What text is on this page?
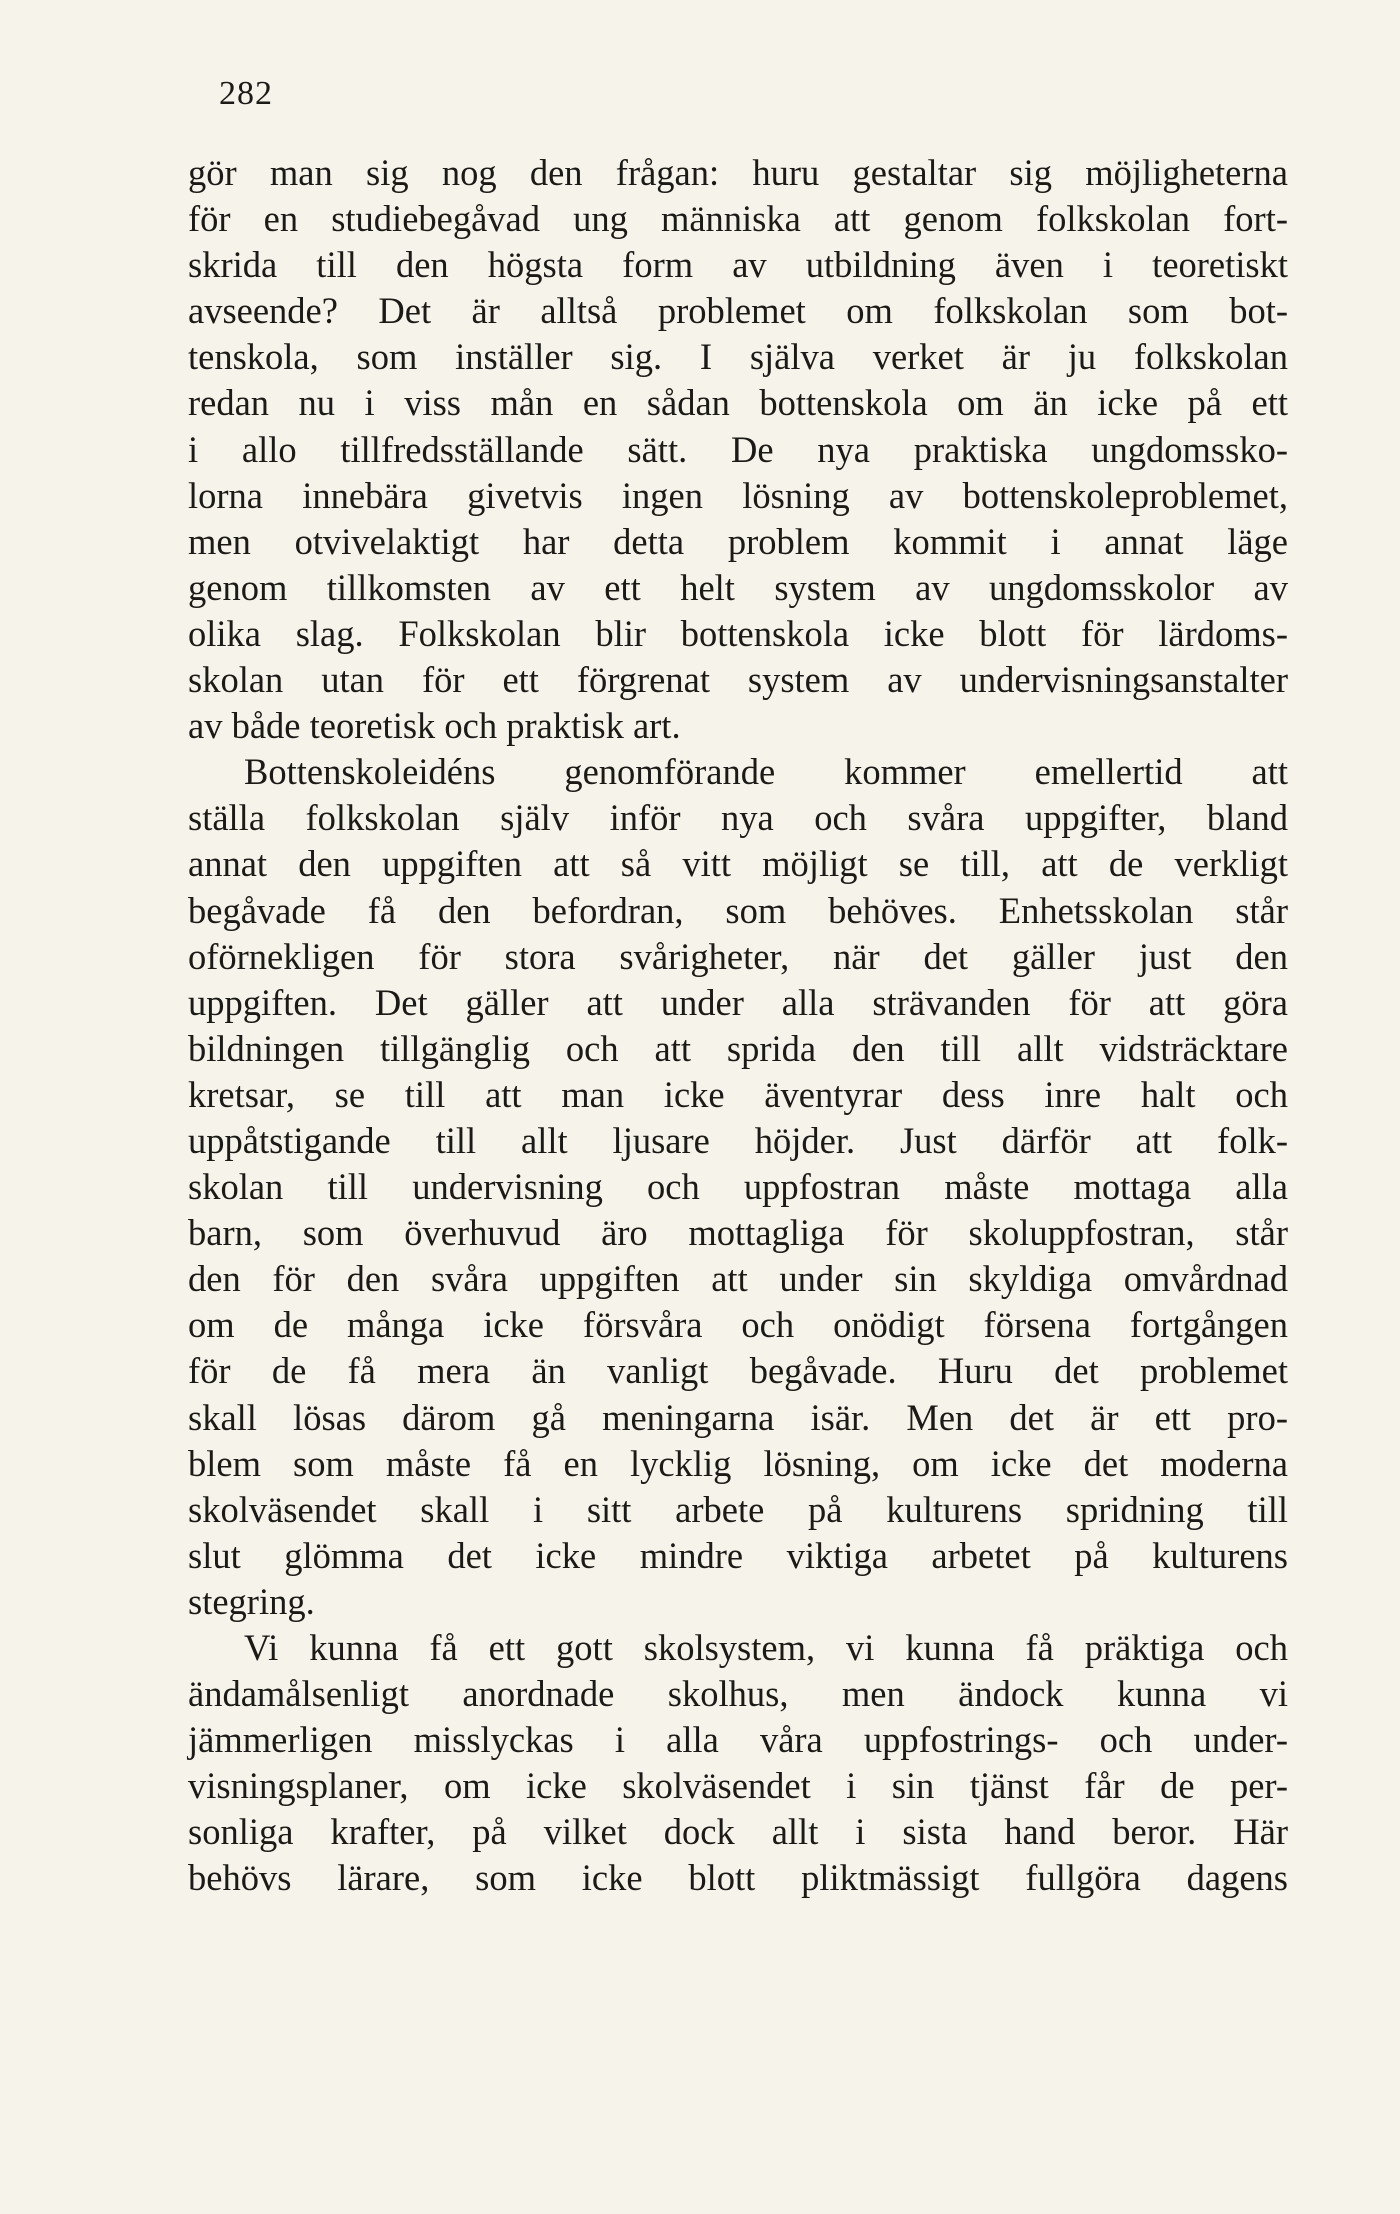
282
gör man sig nog den frågan: huru gestaltar sig möjligheterna
för en studiebegåvad ung människa att genom folkskolan fort-
skrida till den högsta form av utbildning även i teoretiskt
avseende? Det är alltså problemet om folkskolan som bot-
tenskola, som inställer sig. I själva verket är ju folkskolan
redan nu i viss mån en sådan bottenskola om än icke på ett
i allo tillfredsställande sätt. De nya praktiska ungdomssko-
lorna innebära givetvis ingen lösning av bottenskoleproblemet,
men otvivelaktigt har detta problem kommit i annat läge
genom tillkomsten av ett helt system av ungdomsskolor av
olika slag. Folkskolan blir bottenskola icke blott för lärdoms-
skolan utan för ett förgrenat system av undervisningsanstalter
av både teoretisk och praktisk art.
Bottenskoleidéns genomförande kommer emellertid att
ställa folkskolan själv inför nya och svåra uppgifter, bland
annat den uppgiften att så vitt möjligt se till, att de verkligt
begåvade få den befordran, som behöves. Enhetsskolan står
oförnekligen för stora svårigheter, när det gäller just den
uppgiften. Det gäller att under alla strävanden för att göra
bildningen tillgänglig och att sprida den till allt vidsträcktare
kretsar, se till att man icke äventyrar dess inre halt och
uppåtstigande till allt ljusare höjder. Just därför att folk-
skolan till undervisning och uppfostran måste mottaga alla
barn, som överhuvud äro mottagliga för skoluppfostran, står
den för den svåra uppgiften att under sin skyldiga omvårdnad
om de många icke försvåra och onödigt försena fortgången
för de få mera än vanligt begåvade. Huru det problemet
skall lösas därom gå meningarna isär. Men det är ett pro-
blem som måste få en lycklig lösning, om icke det moderna
skolväsendet skall i sitt arbete på kulturens spridning till
slut glömma det icke mindre viktiga arbetet på kulturens
stegring.
Vi kunna få ett gott skolsystem, vi kunna få präktiga och
ändamålsenligt anordnade skolhus, men ändock kunna vi
jämmerligen misslyckas i alla våra uppfostrings- och under-
visningsplaner, om icke skolväsendet i sin tjänst får de per-
sonliga krafter, på vilket dock allt i sista hand beror. Här
behövs lärare, som icke blott pliktmässigt fullgöra dagens
